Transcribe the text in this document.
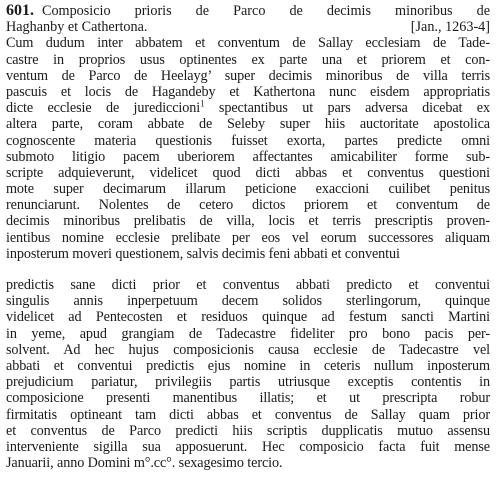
601. Composicio prioris de Parco de decimis minoribus de
Haghanby et Cathertona.	[Jan., 1263-4]
Cum dudum inter abbatem et conventum de Sallay ecclesiam de Tade-
castre in proprios usus optinentes ex parte una et priorem et con-
ventum de Parco de Heelayg’ super decimis minoribus de villa terris
pascuis et locis de Hagandeby et Kathertona nunc eisdem appropriatis
dicte ecclesie de jurediccioni$^1$ spectantibus ut pars adversa dicebat ex
altera parte, coram abbate de Seleby super hiis auctoritate apostolica
cognoscente materia questionis fuisset exorta, partes predicte omni
submoto litigio pacem uberiorem affectantes amicabiliter forme sub-
scripte adquieverunt, videlicet quod dicti abbas et conventus questioni
mote super decimarum illarum peticione exaccioni cuilibet penitus
renunciarunt. Nolentes de cetero dictos priorem et conventum de
decimis minoribus prelibatis de villa, locis et terris prescriptis proven-
ientibus nomine ecclesie prelibate per eos vel eorum successores aliquam
inposterum moveri questionem, salvis decimis feni abbati et conventui
predictis sane dicti prior et conventus abbati predicto et conventui
singulis annis inperpetuum decem solidos sterlingorum, quinque
videlicet ad Pentecosten et residuos quinque ad festum sancti Martini
in yeme, apud grangiam de Tadecastre fideliter pro bono pacis per-
solvent. Ad hec hujus composicionis causa ecclesie de Tadecastre vel
abbati et conventui predictis ejus nomine in ceteris nullum inposterum
prejudicium pariatur, privilegiis partis utriusque exceptis contentis in
composicione presenti manentibus illatis; et ut prescripta robur
firmitatis optineant tam dicti abbas et conventus de Sallay quam prior
et conventus de Parco predicti hiis scriptis dupplicatis mutuo assensu
interveniente sigilla sua apposuerunt. Hec composicio facta fuit mense
Januarii, anno Domini m°.cc°. sexagesimo tercio.
